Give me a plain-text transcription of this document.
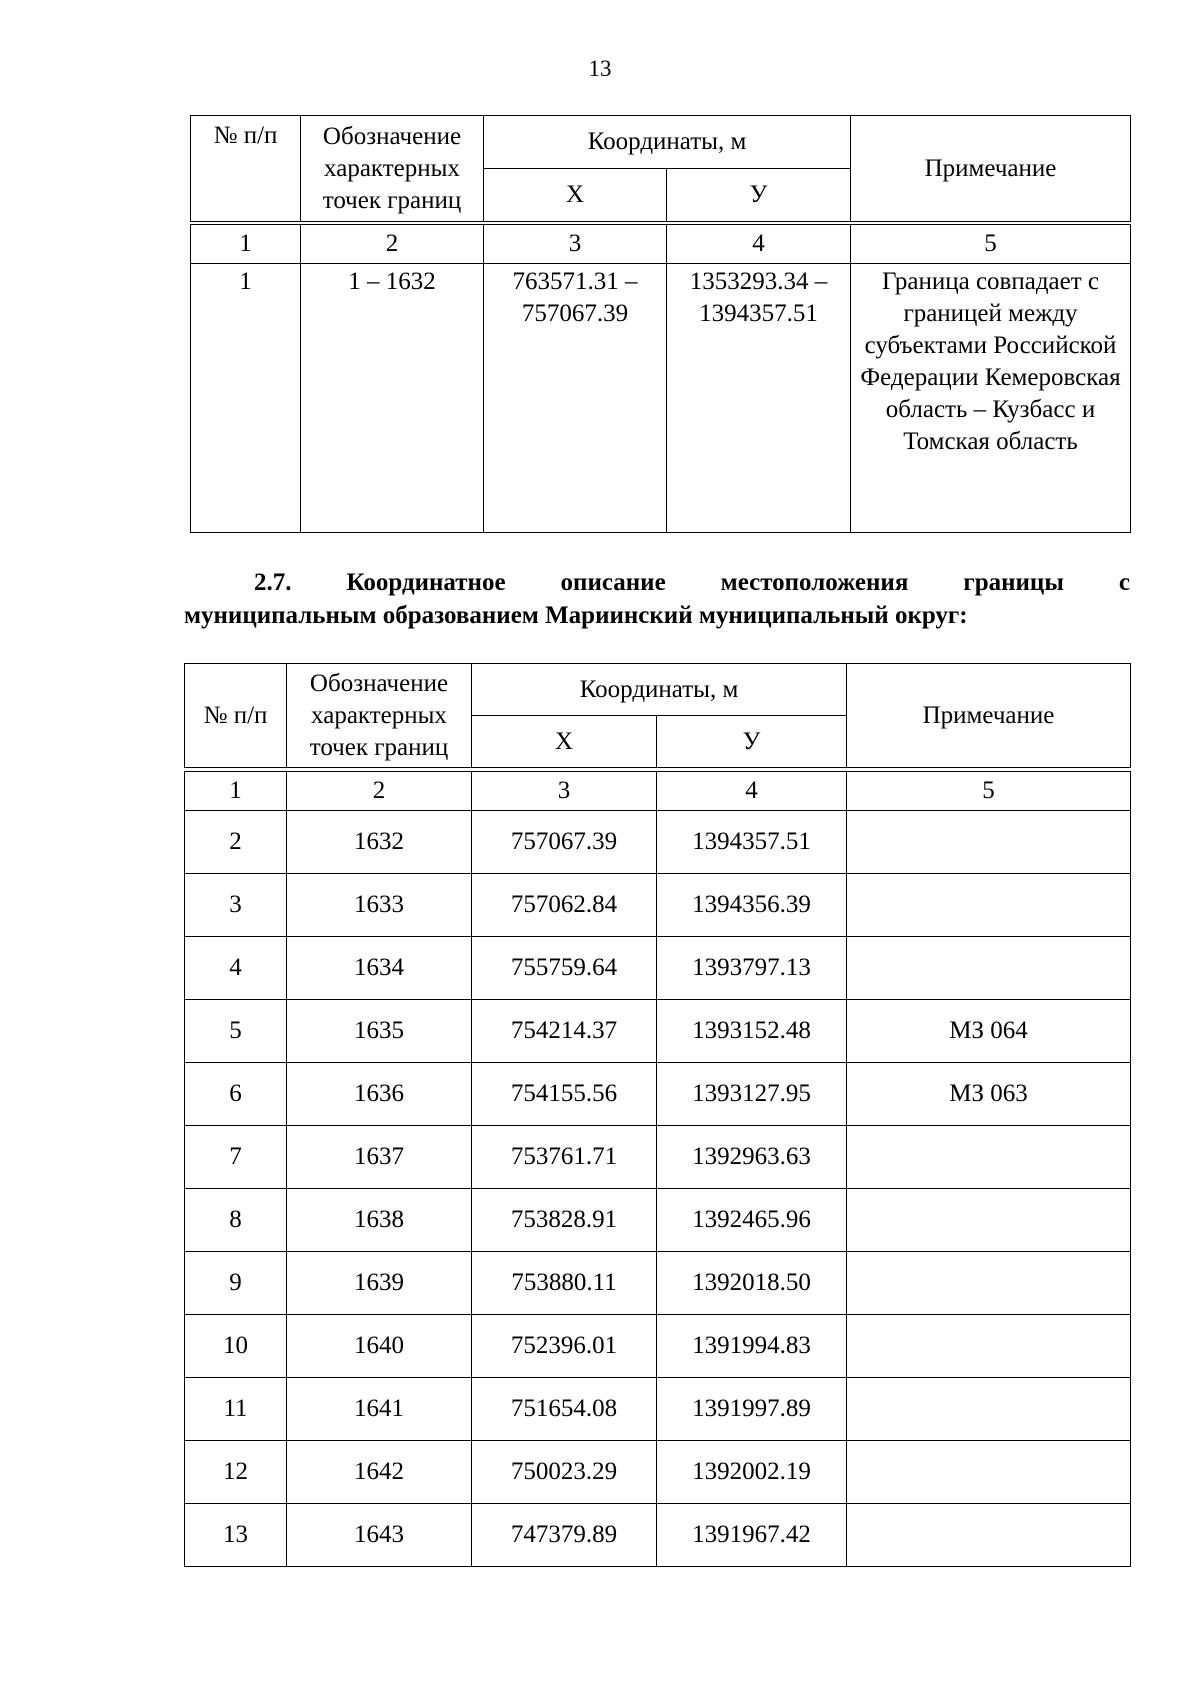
13
№ п/п	Обозначение характерных точек границ	Координаты, м		Примечание
		Х	У	
1	2	3	4	5
1	1 – 1632	763571.31 – 757067.39	1353293.34 – 1394357.51	Граница совпадает с границей между субъектами Российской Федерации Кемеровская область – Кузбасс и Томская область
2.7. Координатное описание местоположения границы с
муниципальным образованием Мариинский муниципальный округ:
№ п/п	Обозначение характерных точек границ	Координаты, м		Примечание
		Х	У	
1	2	3	4	5
2	1632	757067.39	1394357.51	
3	1633	757062.84	1394356.39	
4	1634	755759.64	1393797.13	
5	1635	754214.37	1393152.48	МЗ 064
6	1636	754155.56	1393127.95	МЗ 063
7	1637	753761.71	1392963.63	
8	1638	753828.91	1392465.96	
9	1639	753880.11	1392018.50	
10	1640	752396.01	1391994.83	
11	1641	751654.08	1391997.89	
12	1642	750023.29	1392002.19	
13	1643	747379.89	1391967.42	
